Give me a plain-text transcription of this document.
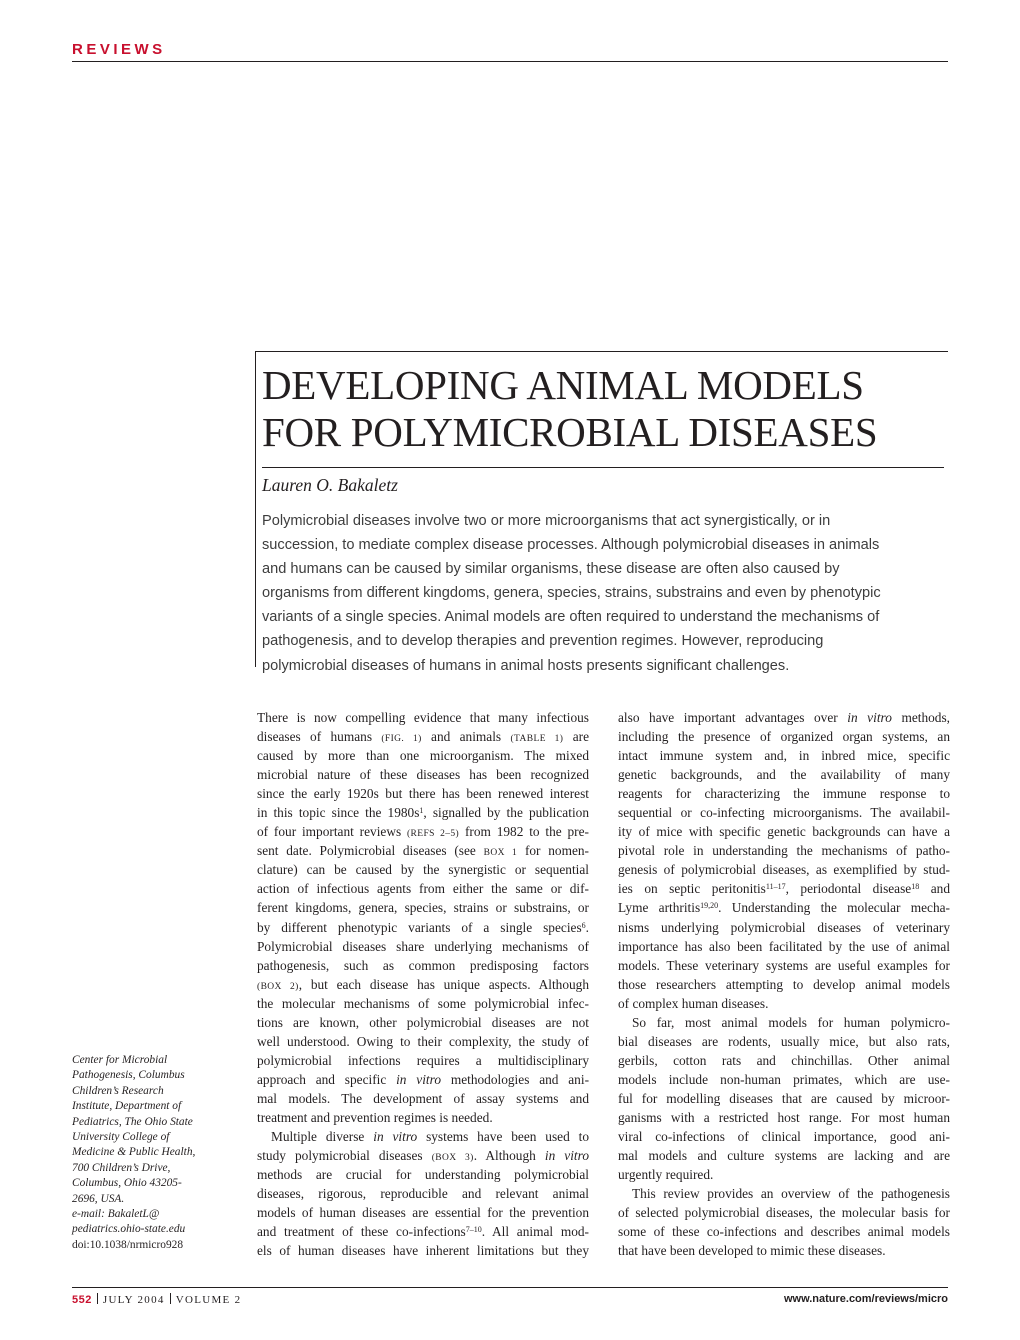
REVIEWS
DEVELOPING ANIMAL MODELS
FOR POLYMICROBIAL DISEASES
Lauren O. Bakaletz
Polymicrobial diseases involve two or more microorganisms that act synergistically, or in
succession, to mediate complex disease processes. Although polymicrobial diseases in animals
and humans can be caused by similar organisms, these disease are often also caused by
organisms from different kingdoms, genera, species, strains, substrains and even by phenotypic
variants of a single species. Animal models are often required to understand the mechanisms of
pathogenesis, and to develop therapies and prevention regimes. However, reproducing
polymicrobial diseases of humans in animal hosts presents significant challenges.
There is now compelling evidence that many infectious
diseases of humans (FIG. 1) and animals (TABLE 1) are
caused by more than one microorganism. The mixed
microbial nature of these diseases has been recognized
since the early 1920s but there has been renewed interest
in this topic since the $1980s^1$, signalled by the publication
of four important reviews (REFS 2–5) from 1982 to the pre-
sent date. Polymicrobial diseases (see BOX 1 for nomen-
clature) can be caused by the synergistic or sequential
action of infectious agents from either the same or dif-
ferent kingdoms, genera, species, strains or substrains, or
by different phenotypic variants of a single species$^6$.
Polymicrobial diseases share underlying mechanisms of
pathogenesis, such as common predisposing factors
(BOX 2), but each disease has unique aspects. Although
the molecular mechanisms of some polymicrobial infec-
tions are known, other polymicrobial diseases are not
well understood. Owing to their complexity, the study of
polymicrobial infections requires a multidisciplinary
approach and specific in vitro methodologies and ani-
mal models. The development of assay systems and
treatment and prevention regimes is needed.
Multiple diverse in vitro systems have been used to
study polymicrobial diseases (BOX 3). Although in vitro
methods are crucial for understanding polymicrobial
diseases, rigorous, reproducible and relevant animal
models of human diseases are essential for the prevention
and treatment of these co-infections$^{7-10}$. All animal mod-
els of human diseases have inherent limitations but they
also have important advantages over in vitro methods,
including the presence of organized organ systems, an
intact immune system and, in inbred mice, specific
genetic backgrounds, and the availability of many
reagents for characterizing the immune response to
sequential or co-infecting microorganisms. The availabil-
ity of mice with specific genetic backgrounds can have a
pivotal role in understanding the mechanisms of patho-
genesis of polymicrobial diseases, as exemplified by stud-
ies on septic peritonitis$^{11-17}$, periodontal disease$^{18}$ and
Lyme arthritis$^{19,20}$. Understanding the molecular mecha-
nisms underlying polymicrobial diseases of veterinary
importance has also been facilitated by the use of animal
models. These veterinary systems are useful examples for
those researchers attempting to develop animal models
of complex human diseases.
So far, most animal models for human polymicro-
bial diseases are rodents, usually mice, but also rats,
gerbils, cotton rats and chinchillas. Other animal
models include non-human primates, which are use-
ful for modelling diseases that are caused by microor-
ganisms with a restricted host range. For most human
viral co-infections of clinical importance, good ani-
mal models and culture systems are lacking and are
urgently required.
This review provides an overview of the pathogenesis
of selected polymicrobial diseases, the molecular basis for
some of these co-infections and describes animal models
that have been developed to mimic these diseases.
Center for Microbial
Pathogenesis, Columbus
Children’s Research
Institute, Department of
Pediatrics, The Ohio State
University College of
Medicine & Public Health,
700 Children’s Drive,
Columbus, Ohio 43205-
2696, USA.
e-mail: BakaletL@
pediatrics.ohio-state.edu
doi:10.1038/nrmicro928
552 JULY 2004 VOLUME 2	www.nature.com/reviews/micro
